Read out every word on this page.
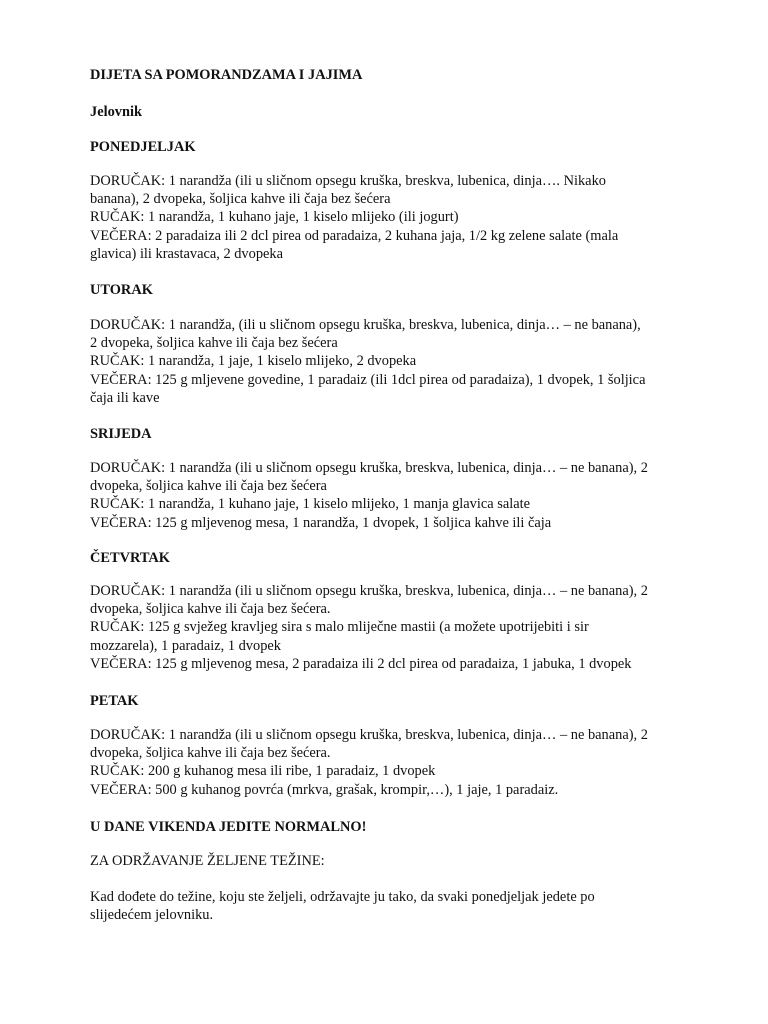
DIJETA SA POMORANDZAMA I JAJIMA

Jelovnik

PONEDJELJAK

DORUČAK: 1 narandža (ili u sličnom opsegu kruška, breskva, lubenica, dinja…. Nikako
banana), 2 dvopeka, šoljica kahve ili čaja bez šećera
RUČAK: 1 narandža, 1 kuhano jaje, 1 kiselo mlijeko (ili jogurt)
VEČERA: 2 paradaiza ili 2 dcl pirea od paradaiza, 2 kuhana jaja, 1/2 kg zelene salate (mala
glavica) ili krastavaca, 2 dvopeka

UTORAK

DORUČAK: 1 narandža, (ili u sličnom opsegu kruška, breskva, lubenica, dinja… – ne banana),
2 dvopeka, šoljica kahve ili čaja bez šećera
RUČAK: 1 narandža, 1 jaje, 1 kiselo mlijeko, 2 dvopeka
VEČERA: 125 g mljevene govedine, 1 paradaiz (ili 1dcl pirea od paradaiza), 1 dvopek, 1 šoljica
čaja ili kave

SRIJEDA

DORUČAK: 1 narandža (ili u sličnom opsegu kruška, breskva, lubenica, dinja… – ne banana), 2
dvopeka, šoljica kahve ili čaja bez šećera
RUČAK: 1 narandža, 1 kuhano jaje, 1 kiselo mlijeko, 1 manja glavica salate
VEČERA: 125 g mljevenog mesa, 1 narandža, 1 dvopek, 1 šoljica kahve ili čaja

ČETVRTAK

DORUČAK: 1 narandža (ili u sličnom opsegu kruška, breskva, lubenica, dinja… – ne banana), 2
dvopeka, šoljica kahve ili čaja bez šećera.
RUČAK: 125 g svježeg kravljeg sira s malo mliječne mastii (a možete upotrijebiti i sir
mozzarela), 1 paradaiz, 1 dvopek
VEČERA: 125 g mljevenog mesa, 2 paradaiza ili 2 dcl pirea od paradaiza, 1 jabuka, 1 dvopek

PETAK

DORUČAK: 1 narandža (ili u sličnom opsegu kruška, breskva, lubenica, dinja… – ne banana), 2
dvopeka, šoljica kahve ili čaja bez šećera.
RUČAK: 200 g kuhanog mesa ili ribe, 1 paradaiz, 1 dvopek
VEČERA: 500 g kuhanog povrća (mrkva, grašak, krompir,…), 1 jaje, 1 paradaiz.

U DANE VIKENDA JEDITE NORMALNO!

ZA ODRŽAVANJE ŽELJENE TEŽINE:

Kad dođete do težine, koju ste željeli, održavajte ju tako, da svaki ponedjeljak jedete po
slijedećem jelovniku.
